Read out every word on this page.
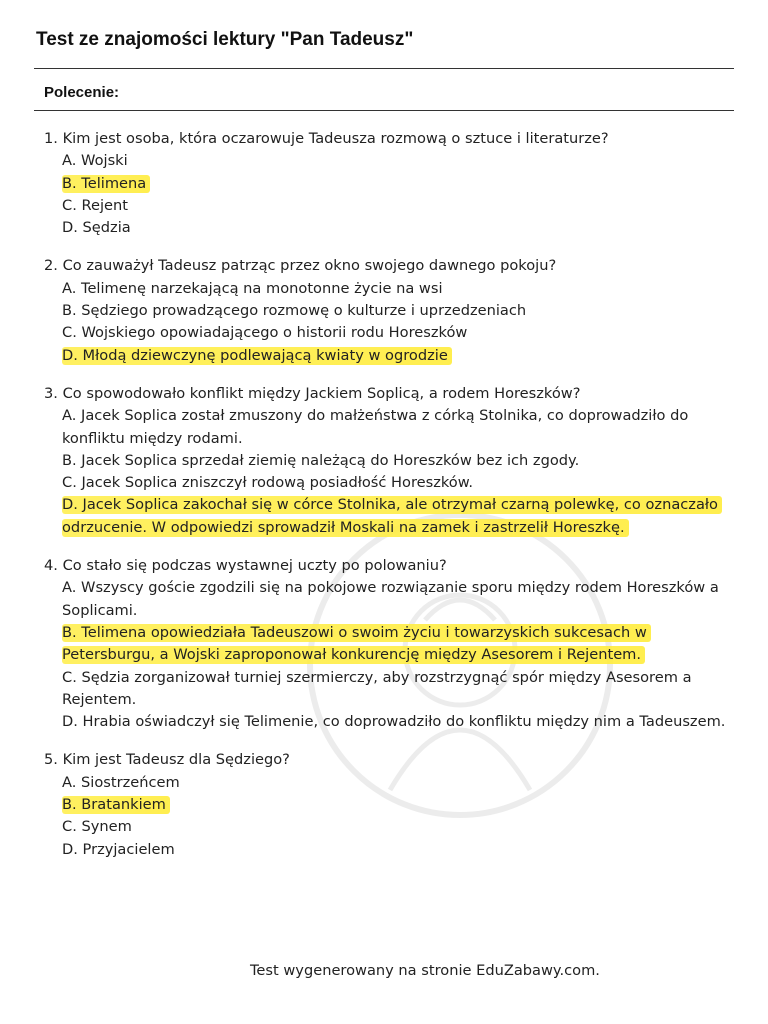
Test ze znajomości lektury "Pan Tadeusz"
Polecenie:
1. Kim jest osoba, która oczarowuje Tadeusza rozmową o sztuce i literaturze?
A. Wojski
B. Telimena
C. Rejent
D. Sędzia
2. Co zauważył Tadeusz patrząc przez okno swojego dawnego pokoju?
A. Telimenę narzekającą na monotonne życie na wsi
B. Sędziego prowadzącego rozmowę o kulturze i uprzedzeniach
C. Wojskiego opowiadającego o historii rodu Horeszków
D. Młodą dziewczynę podlewającą kwiaty w ogrodzie
3. Co spowodowało konflikt między Jackiem Soplicą, a rodem Horeszków?
A. Jacek Soplica został zmuszony do małżeństwa z córką Stolnika, co doprowadziło do konfliktu między rodami.
B. Jacek Soplica sprzedał ziemię należącą do Horeszków bez ich zgody.
C. Jacek Soplica zniszczył rodową posiadłość Horeszków.
D. Jacek Soplica zakochał się w córce Stolnika, ale otrzymał czarną polewkę, co oznaczało odrzucenie. W odpowiedzi sprowadził Moskali na zamek i zastrzelił Horeszkę.
4. Co stało się podczas wystawnej uczty po polowaniu?
A. Wszyscy goście zgodzili się na pokojowe rozwiązanie sporu między rodem Horeszków a Soplicami.
B. Telimena opowiedziała Tadeuszowi o swoim życiu i towarzyskich sukcesach w Petersburgu, a Wojski zaproponował konkurencję między Asesorem i Rejentem.
C. Sędzia zorganizował turniej szermierczy, aby rozstrzygnąć spór między Asesorem a Rejentem.
D. Hrabia oświadczył się Telimenie, co doprowadziło do konfliktu między nim a Tadeuszem.
5. Kim jest Tadeusz dla Sędziego?
A. Siostrzeńcem
B. Bratankiem
C. Synem
D. Przyjacielem
Test wygenerowany na stronie EduZabawy.com.
